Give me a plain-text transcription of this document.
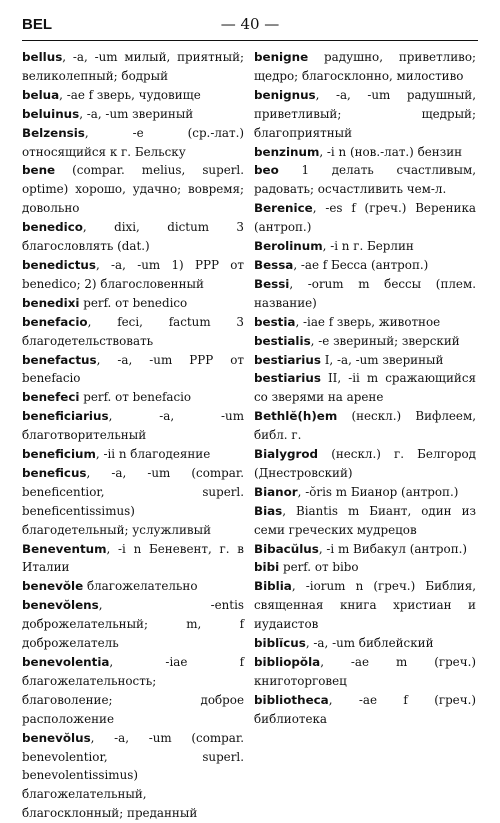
BEL	— 40 —

bellus, -a, -um милый, приятный; великолепный; бодрый

belua, -ae f зверь, чудовище

beluinus, -a, -um звериный

Belzensis, -e (ср.-лат.) относящийся к г. Бельску

bene (compar. melius, superl. optime) хорошо, удачно; вовремя; довольно

benedico, dixi, dictum 3 благословлять (dat.)

benedictus, -a, -um 1) PPP от benedico; 2) благословенный

benedixi perf. от benedico

benefacio, feci, factum 3 благодетельствовать

benefactus, -a, -um PPP от benefacio

benefeci perf. от benefacio

beneficiarius, -a, -um благотворительный

beneficium, -ii n благодеяние

beneficus, -a, -um (compar. beneficentior, superl. beneficentissimus) благодетельный; услужливый

Beneventum, -i n Беневент, г. в Италии

benevŏle благожелательно

benevŏlens, -entis доброжелательный; m, f доброжелатель

benevolentia, -iae f благожелательность; благоволение; доброе расположение

benevŏlus, -a, -um (compar. benevolentior, superl. benevolentissimus) благожелательный, благосклонный; преданный

benigne радушно, приветливо; щедро; благосклонно, милостиво

benignus, -a, -um радушный, приветливый; щедрый; благоприятный

benzinum, -i n (нов.-лат.) бензин

beo 1 делать счастливым, радовать; осчастливить чем-л.

Berenice, -es f (греч.) Вереника (антроп.)

Berolinum, -i n г. Берлин

Bessa, -ae f Бесса (антроп.)

Bessi, -orum m бессы (плем. название)

bestia, -iae f зверь, животное

bestialis, -e звериный; зверский

bestiarius I, -a, -um звериный

bestiarius II, -ii m сражающийся со зверями на арене

Bethlĕ(h)em (нескл.) Вифлеем, библ. г.

Bialygrod (нескл.) г. Белгород (Днестровский)

Bianor, -ŏris m Бианор (антроп.)

Bias, Biantis m Биант, один из семи греческих мудрецов

Bibacŭlus, -i m Вибакул (антроп.)

bibi perf. от bibo

Biblia, -iorum n (греч.) Библия, священная книга христиан и иудаистов

biblĭcus, -a, -um библейский

bibliopŏla, -ae m (греч.) книготорговец

bibliotheca, -ae f (греч.) библиотека
